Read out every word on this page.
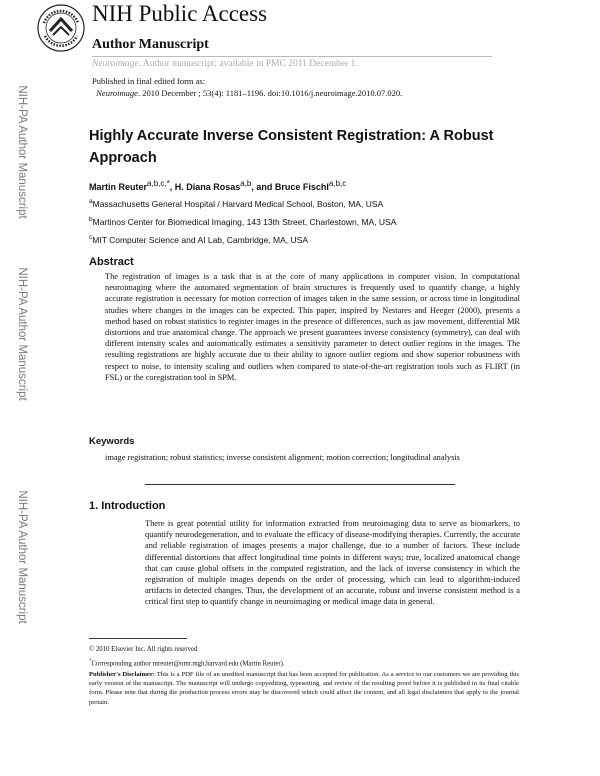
NIH-PA Author Manuscript
NIH-PA Author Manuscript
NIH-PA Author Manuscript
NIH Public Access
Author Manuscript
Neuroimage. Author manuscript; available in PMC 2011 December 1.
Published in final edited form as:
Neuroimage. 2010 December ; 53(4): 1181–1196. doi:10.1016/j.neuroimage.2010.07.020.
Highly Accurate Inverse Consistent Registration: A Robust Approach
Martin Reuter$^{a,b,c,*}$, H. Diana Rosas$^{a,b}$, and Bruce Fischl$^{a,b,c}$
$^a$Massachusetts General Hospital / Harvard Medical School, Boston, MA, USA
$^b$Martinos Center for Biomedical Imaging, 143 13th Street, Charlestown, MA, USA
$^c$MIT Computer Science and AI Lab, Cambridge, MA, USA
Abstract
The registration of images is a task that is at the core of many applications in computer vision. In computational neuroimaging where the automated segmentation of brain structures is frequently used to quantify change, a highly accurate registration is necessary for motion correction of images taken in the same session, or across time in longitudinal studies where changes in the images can be expected. This paper, inspired by Nestares and Heeger (2000), presents a method based on robust statistics to register images in the presence of differences, such as jaw movement, differential MR distortions and true anatomical change. The approach we present guarantees inverse consistency (symmetry), can deal with different intensity scales and automatically estimates a sensitivity parameter to detect outlier regions in the images. The resulting registrations are highly accurate due to their ability to ignore outlier regions and show superior robustness with respect to noise, to intensity scaling and outliers when compared to state-of-the-art registration tools such as FLIRT (in FSL) or the coregistration tool in SPM.
Keywords
image registration; robust statistics; inverse consistent alignment; motion correction; longitudinal analysis
1. Introduction
There is great potential utility for information extracted from neuroimaging data to serve as biomarkers, to quantify neurodegeneration, and to evaluate the efficacy of disease-modifying therapies. Currently, the accurate and reliable registration of images presents a major challenge, due to a number of factors. These include differential distortions that affect longitudinal time points in different ways; true, localized anatomical change that can cause global offsets in the computed registration, and the lack of inverse consistency in which the registration of multiple images depends on the order of processing, which can lead to algorithm-induced artifacts in detected changes. Thus, the development of an accurate, robust and inverse consistent method is a critical first step to quantify change in neuroimaging or medical image data in general.
© 2010 Elsevier Inc. All rights reserved
*Corresponding author mreuter@nmr.mgh.harvard.edu (Martin Reuter).
Publisher's Disclaimer: This is a PDF file of an unedited manuscript that has been accepted for publication. As a service to our customers we are providing this early version of the manuscript. The manuscript will undergo copyediting, typesetting, and review of the resulting proof before it is published in its final citable form. Please note that during the production process errors may be discovered which could affect the content, and all legal disclaimers that apply to the journal pertain.
